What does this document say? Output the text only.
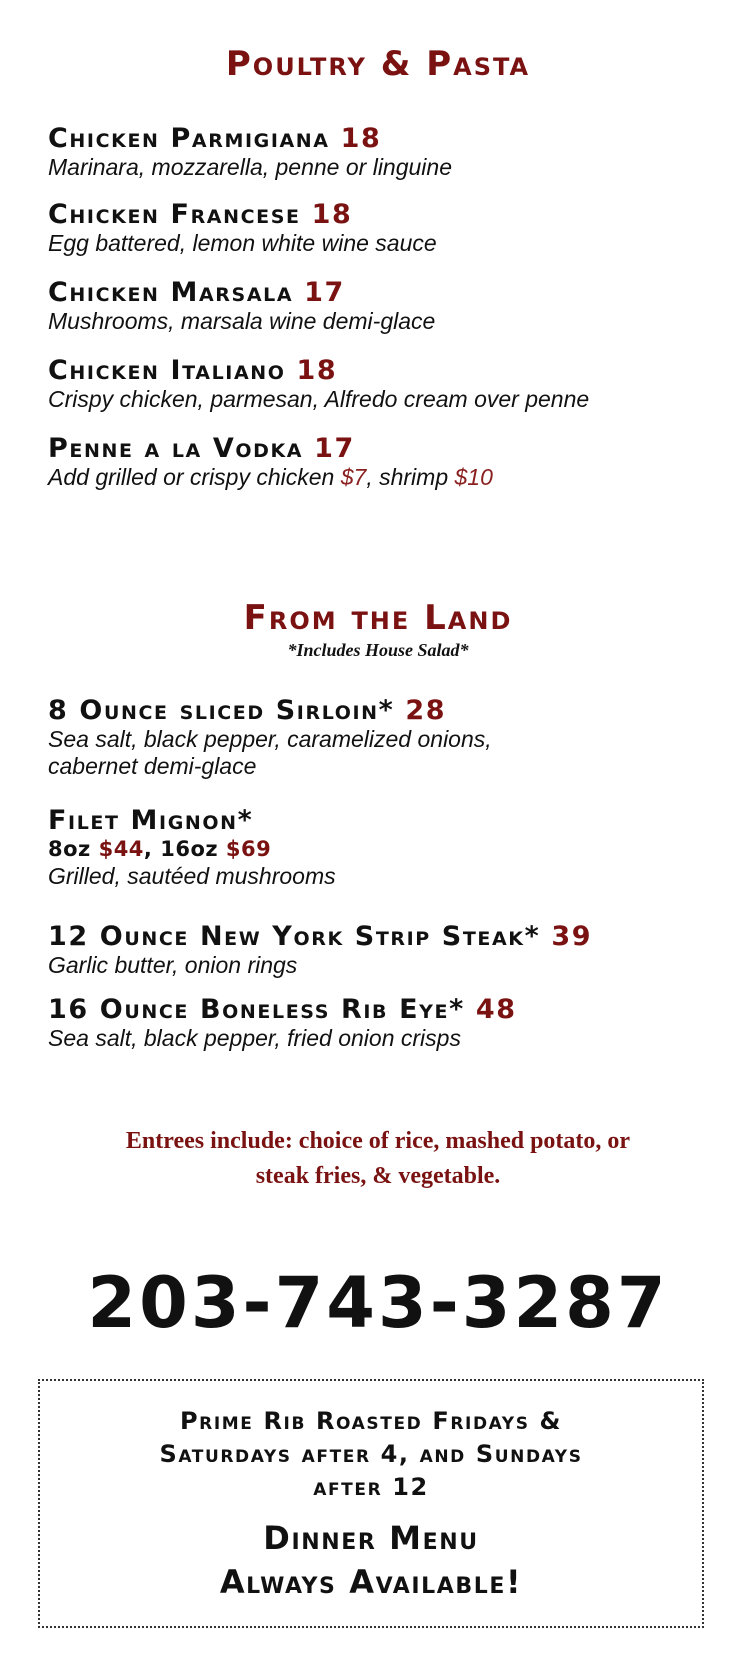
Poultry & Pasta
Chicken Parmigiana 18
Marinara, mozzarella, penne or linguine
Chicken Francese 18
Egg battered, lemon white wine sauce
Chicken Marsala 17
Mushrooms, marsala wine demi-glace
Chicken Italiano 18
Crispy chicken, parmesan, Alfredo cream over penne
Penne a la Vodka 17
Add grilled or crispy chicken $7, shrimp $10
From the Land
*Includes House Salad*
8 Ounce sliced Sirloin* 28
Sea salt, black pepper, caramelized onions,
cabernet demi-glace
Filet Mignon*
8oz $44, 16oz $69
Grilled, sautéed mushrooms
12 Ounce New York Strip Steak* 39
Garlic butter, onion rings
16 Ounce Boneless Rib Eye* 48
Sea salt, black pepper, fried onion crisps
Entrees include: choice of rice, mashed potato, or
steak fries, & vegetable.
203-743-3287
Prime Rib Roasted Fridays &
Saturdays after 4, and Sundays
after 12
Dinner Menu
Always Available!
